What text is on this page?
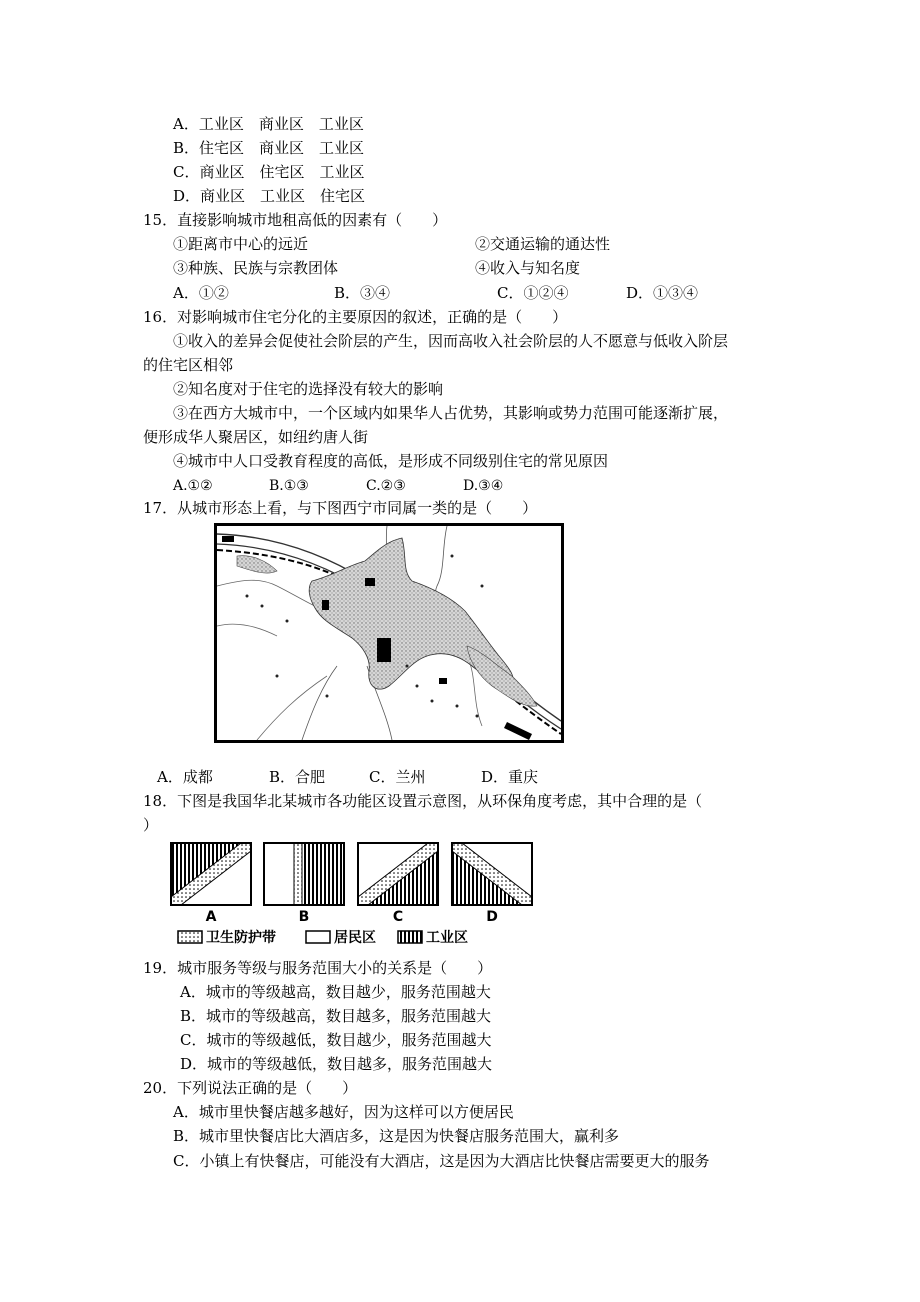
A．工业区　商业区　工业区
B．住宅区　商业区　工业区
C．商业区　住宅区　工业区
D．商业区　工业区　住宅区
15．直接影响城市地租高低的因素有（　　）
①距离市中心的远近	②交通运输的通达性
③种族、民族与宗教团体	④收入与知名度
A．①②	B．③④	C．①②④	D．①③④
16．对影响城市住宅分化的主要原因的叙述，正确的是（　　）
①收入的差异会促使社会阶层的产生，因而高收入社会阶层的人不愿意与低收入阶层
的住宅区相邻
②知名度对于住宅的选择没有较大的影响
③在西方大城市中，一个区域内如果华人占优势，其影响或势力范围可能逐渐扩展，
便形成华人聚居区，如纽约唐人街
④城市中人口受教育程度的高低，是形成不同级别住宅的常见原因
A.①②	B.①③	C.②③	D.③④
17．从城市形态上看，与下图西宁市同属一类的是（　　）
A．成都	B．合肥	C．兰州	D．重庆
18．下图是我国华北某城市各功能区设置示意图，从环保角度考虑，其中合理的是（
）
A	B	C	D
卫生防护带	居民区	工业区
19．城市服务等级与服务范围大小的关系是（　　）
A．城市的等级越高，数目越少，服务范围越大
B．城市的等级越高，数目越多，服务范围越大
C．城市的等级越低，数目越少，服务范围越大
D．城市的等级越低，数目越多，服务范围越大
20．下列说法正确的是（　　）
A．城市里快餐店越多越好，因为这样可以方便居民
B．城市里快餐店比大酒店多，这是因为快餐店服务范围大，赢利多
C．小镇上有快餐店，可能没有大酒店，这是因为大酒店比快餐店需要更大的服务
